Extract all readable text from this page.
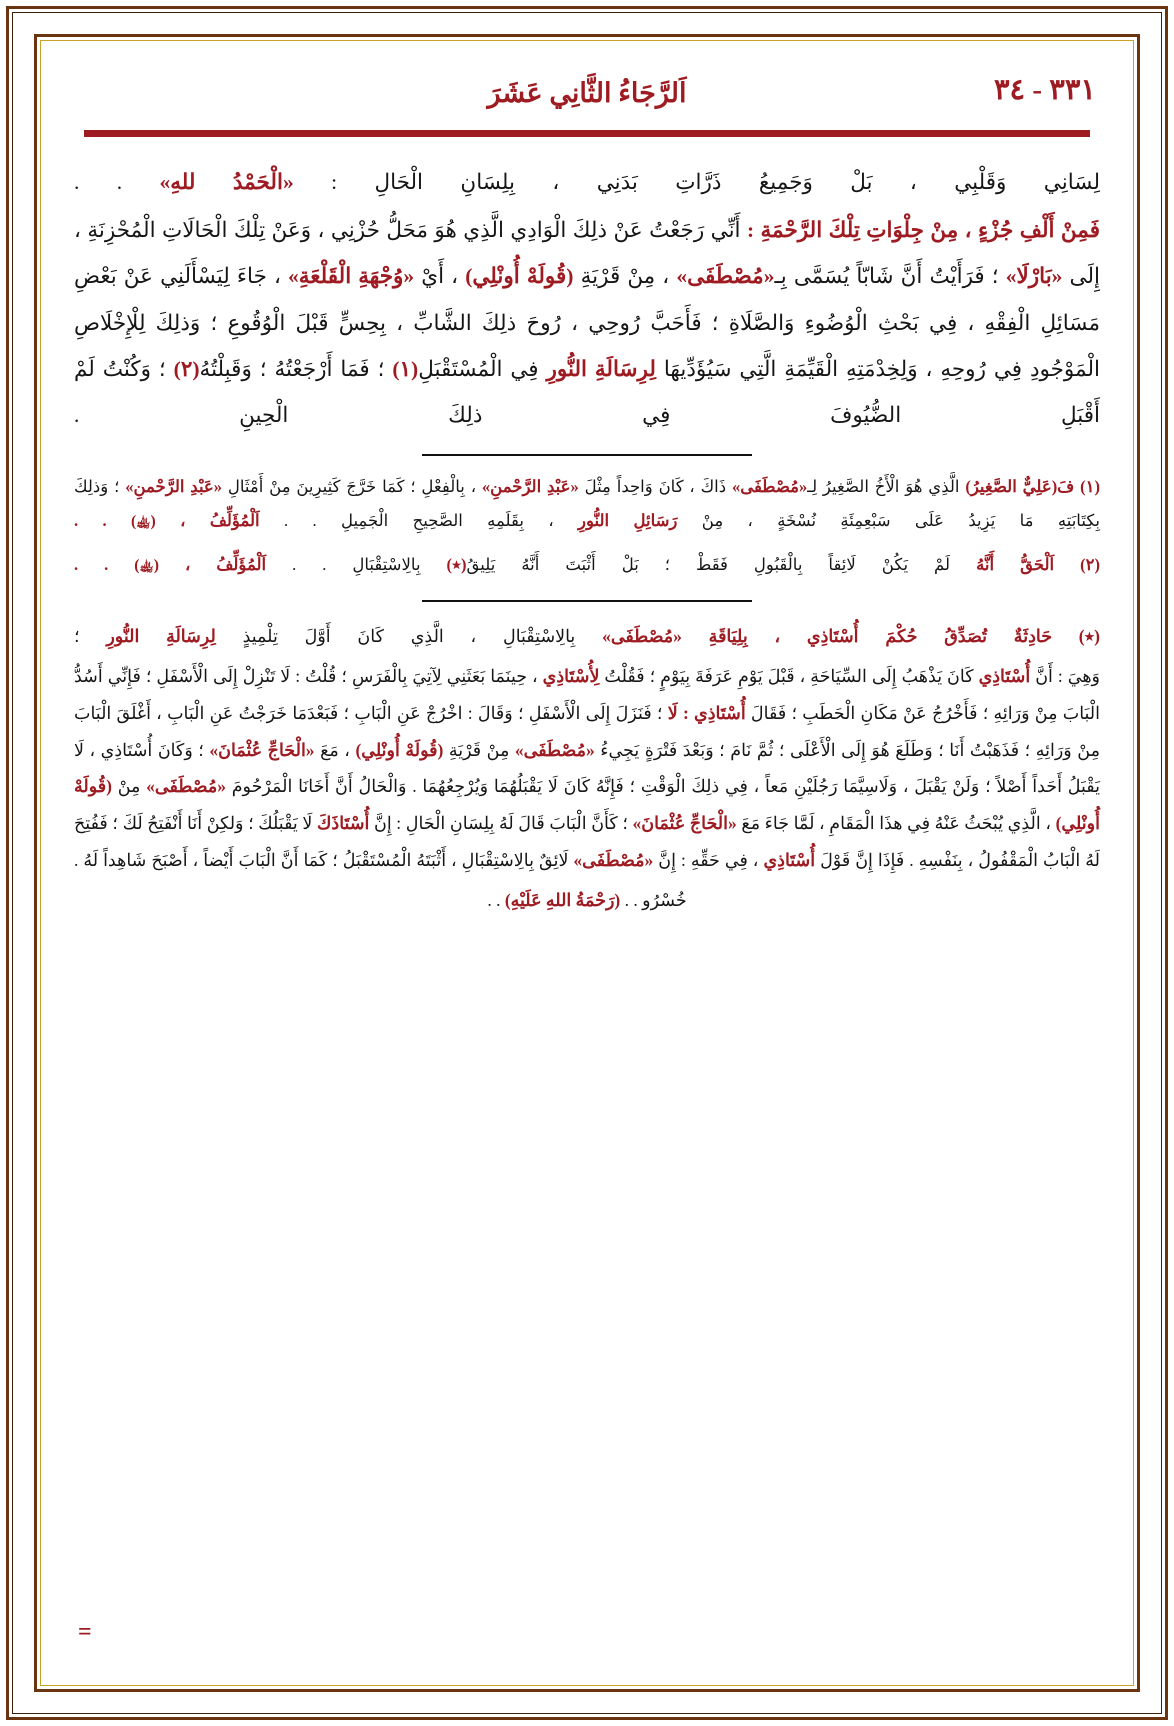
٣٣١ - ٣٤
اَلرَّجَاءُ الثَّانِي عَشَرَ

لِسَانِي وَقَلْبِي ، بَلْ وَجَمِيعُ ذَرَّاتِ بَدَنِي ، بِلِسَانِ الْحَالِ : «الْحَمْدُ للهِ» . .

فَمِنْ أَلْفِ جُزْءٍ ، مِنْ جِلْوَاتِ تِلْكَ الرَّحْمَةِ : أَنِّي رَجَعْتُ عَنْ ذلِكَ الْوَادِي الَّذِي هُوَ مَحَلُّ حُزْنِي ، وَعَنْ تِلْكَ الْحَالَاتِ الْمُحْزِنَةِ ، إِلَى «بَارْلَا» ؛ فَرَأَيْتُ أَنَّ شَابّاً يُسَمَّى بِـ«مُصْطَفَى» ، مِنْ قَرْيَةِ (قُولَهْ أُونْلِي) ، أَيْ «وُجْهَةِ الْقَلْعَةِ» ، جَاءَ لِيَسْأَلَنِي عَنْ بَعْضِ مَسَائِلِ الْفِقْهِ ، فِي بَحْثِ الْوُضُوءِ وَالصَّلَاةِ ؛ فَأَحَبَّ رُوحِي ، رُوحَ ذلِكَ الشَّابِّ ، بِحِسٍّ قَبْلَ الْوُقُوعِ ؛ وَذلِكَ لِلْإِخْلَاصِ الْمَوْجُودِ فِي رُوحِهِ ، وَلِخِدْمَتِهِ الْقَيِّمَةِ الَّتِي سَيُؤَدِّيهَا لِرِسَالَةِ النُّورِ فِي الْمُسْتَقْبَلِ(١) ؛ فَمَا أَرْجَعْتُهُ ؛ وَقَبِلْتُهُ(٢) ؛ وَكُنْتُ لَمْ أَقْبَلِ الضُّيُوفَ فِي ذلِكَ الْحِينِ .

(١) فَ(عَلِيٌّ الصَّغِيرُ) الَّذِي هُوَ الْأَخُ الصَّغِيرُ لِـ«مُصْطَفَى» ذَاكَ ، كَانَ وَاحِداً مِثْلَ «عَبْدِ الرَّحْمنِ» ، بِالْفِعْلِ ؛ كَمَا خَرَّجَ كَثِيرِينَ مِنْ أَمْثَالِ «عَبْدِ الرَّحْمنِ» ؛ وَذلِكَ بِكِتَابَتِهِ مَا يَزِيدُ عَلَى سَبْعِمِئَةِ نُسْخَةٍ ، مِنْ رَسَائِلِ النُّورِ ، بِقَلَمِهِ الصَّحِيحِ الْجَمِيلِ . . اَلْمُؤَلِّفُ ، (﵀) . .

(٢) اَلْحَقُّ أَنَّهُ لَمْ يَكُنْ لَائِقاً بِالْقَبُولِ فَقَطْ ؛ بَلْ أَثْبَتَ أَنَّهُ يَلِيقُ(٭) بِالِاسْتِقْبَالِ . . اَلْمُؤَلِّفُ ، (﵀) . .

(٭) حَادِثَةٌ تُصَدِّقُ حُكْمَ أُسْتَاذِي ، بِلِيَاقَةِ «مُصْطَفَى» بِالِاسْتِقْبَالِ ، الَّذِي كَانَ أَوَّلَ تِلْمِيذٍ لِرِسَالَةِ النُّورِ ؛

وَهِيَ : أَنَّ أُسْتَاذِي كَانَ يَذْهَبُ إِلَى السِّيَاحَةِ ، قَبْلَ يَوْمِ عَرَفَةَ بِيَوْمٍ ؛ فَقُلْتُ لِأُسْتَاذِي ، حِينَمَا بَعَثَنِي لِآتِيَ بِالْفَرَسِ ؛ قُلْتُ : لَا تَنْزِلْ إِلَى الْأَسْفَلِ ؛ فَإِنِّي أَسُدُّ الْبَابَ مِنْ وَرَائِهِ ؛ فَأَخْرُجُ عَنْ مَكَانِ الْحَطَبِ ؛ فَقَالَ أُسْتَاذِي : لَا ؛ فَنَزَلَ إِلَى الْأَسْفَلِ ؛ وَقَالَ : اخْرُجْ عَنِ الْبَابِ ؛ فَبَعْدَمَا خَرَجْتُ عَنِ الْبَابِ ، أَغْلَقَ الْبَابَ مِنْ وَرَائِهِ ؛ فَذَهَبْتُ أَنَا ؛ وَطَلَعَ هُوَ إِلَى الْأَعْلَى ؛ ثُمَّ نَامَ ؛ وَبَعْدَ فَتْرَةٍ يَجِيءُ «مُصْطَفَى» مِنْ قَرْيَةِ (قُولَهْ أُونْلِي) ، مَعَ «الْحَاجِّ عُثْمَانَ» ؛ وَكَانَ أُسْتَاذِي ، لَا يَقْبَلُ أَحَداً أَصْلاً ؛ وَلَنْ يَقْبَلَ ، وَلَاسِيَّمَا رَجُلَيْنِ مَعاً ، فِي ذلِكَ الْوَقْتِ ؛ فَإِنَّهُ كَانَ لَا يَقْبَلُهُمَا وَيُرْجِعُهُمَا . وَالْحَالُ أَنَّ أَخَانَا الْمَرْحُومَ «مُصْطَفَى» مِنْ (قُولَهْ أُونْلِي) ، الَّذِي يُبْحَثُ عَنْهُ فِي هذَا الْمَقَامِ ، لَمَّا جَاءَ مَعَ «الْحَاجِّ عُثْمَانَ» ؛ كَأَنَّ الْبَابَ قَالَ لَهُ بِلِسَانِ الْحَالِ : إِنَّ أُسْتَاذَكَ لَا يَقْبَلُكَ ؛ وَلكِنْ أَنَا أَنْفَتِحُ لَكَ ؛ فَفُتِحَ لَهُ الْبَابُ الْمَقْفُولُ ، بِنَفْسِهِ . فَإِذَا إِنَّ قَوْلَ أُسْتَاذِي ، فِي حَقِّهِ : إِنَّ «مُصْطَفَى» لَائِقٌ بِالِاسْتِقْبَالِ ، أَثْبَتَهُ الْمُسْتَقْبَلُ ؛ كَمَا أَنَّ الْبَابَ أَيْضاً ، أَصْبَحَ شَاهِداً لَهُ .

خُسْرُو . . (رَحْمَةُ اللهِ عَلَيْهِ) . .

=
